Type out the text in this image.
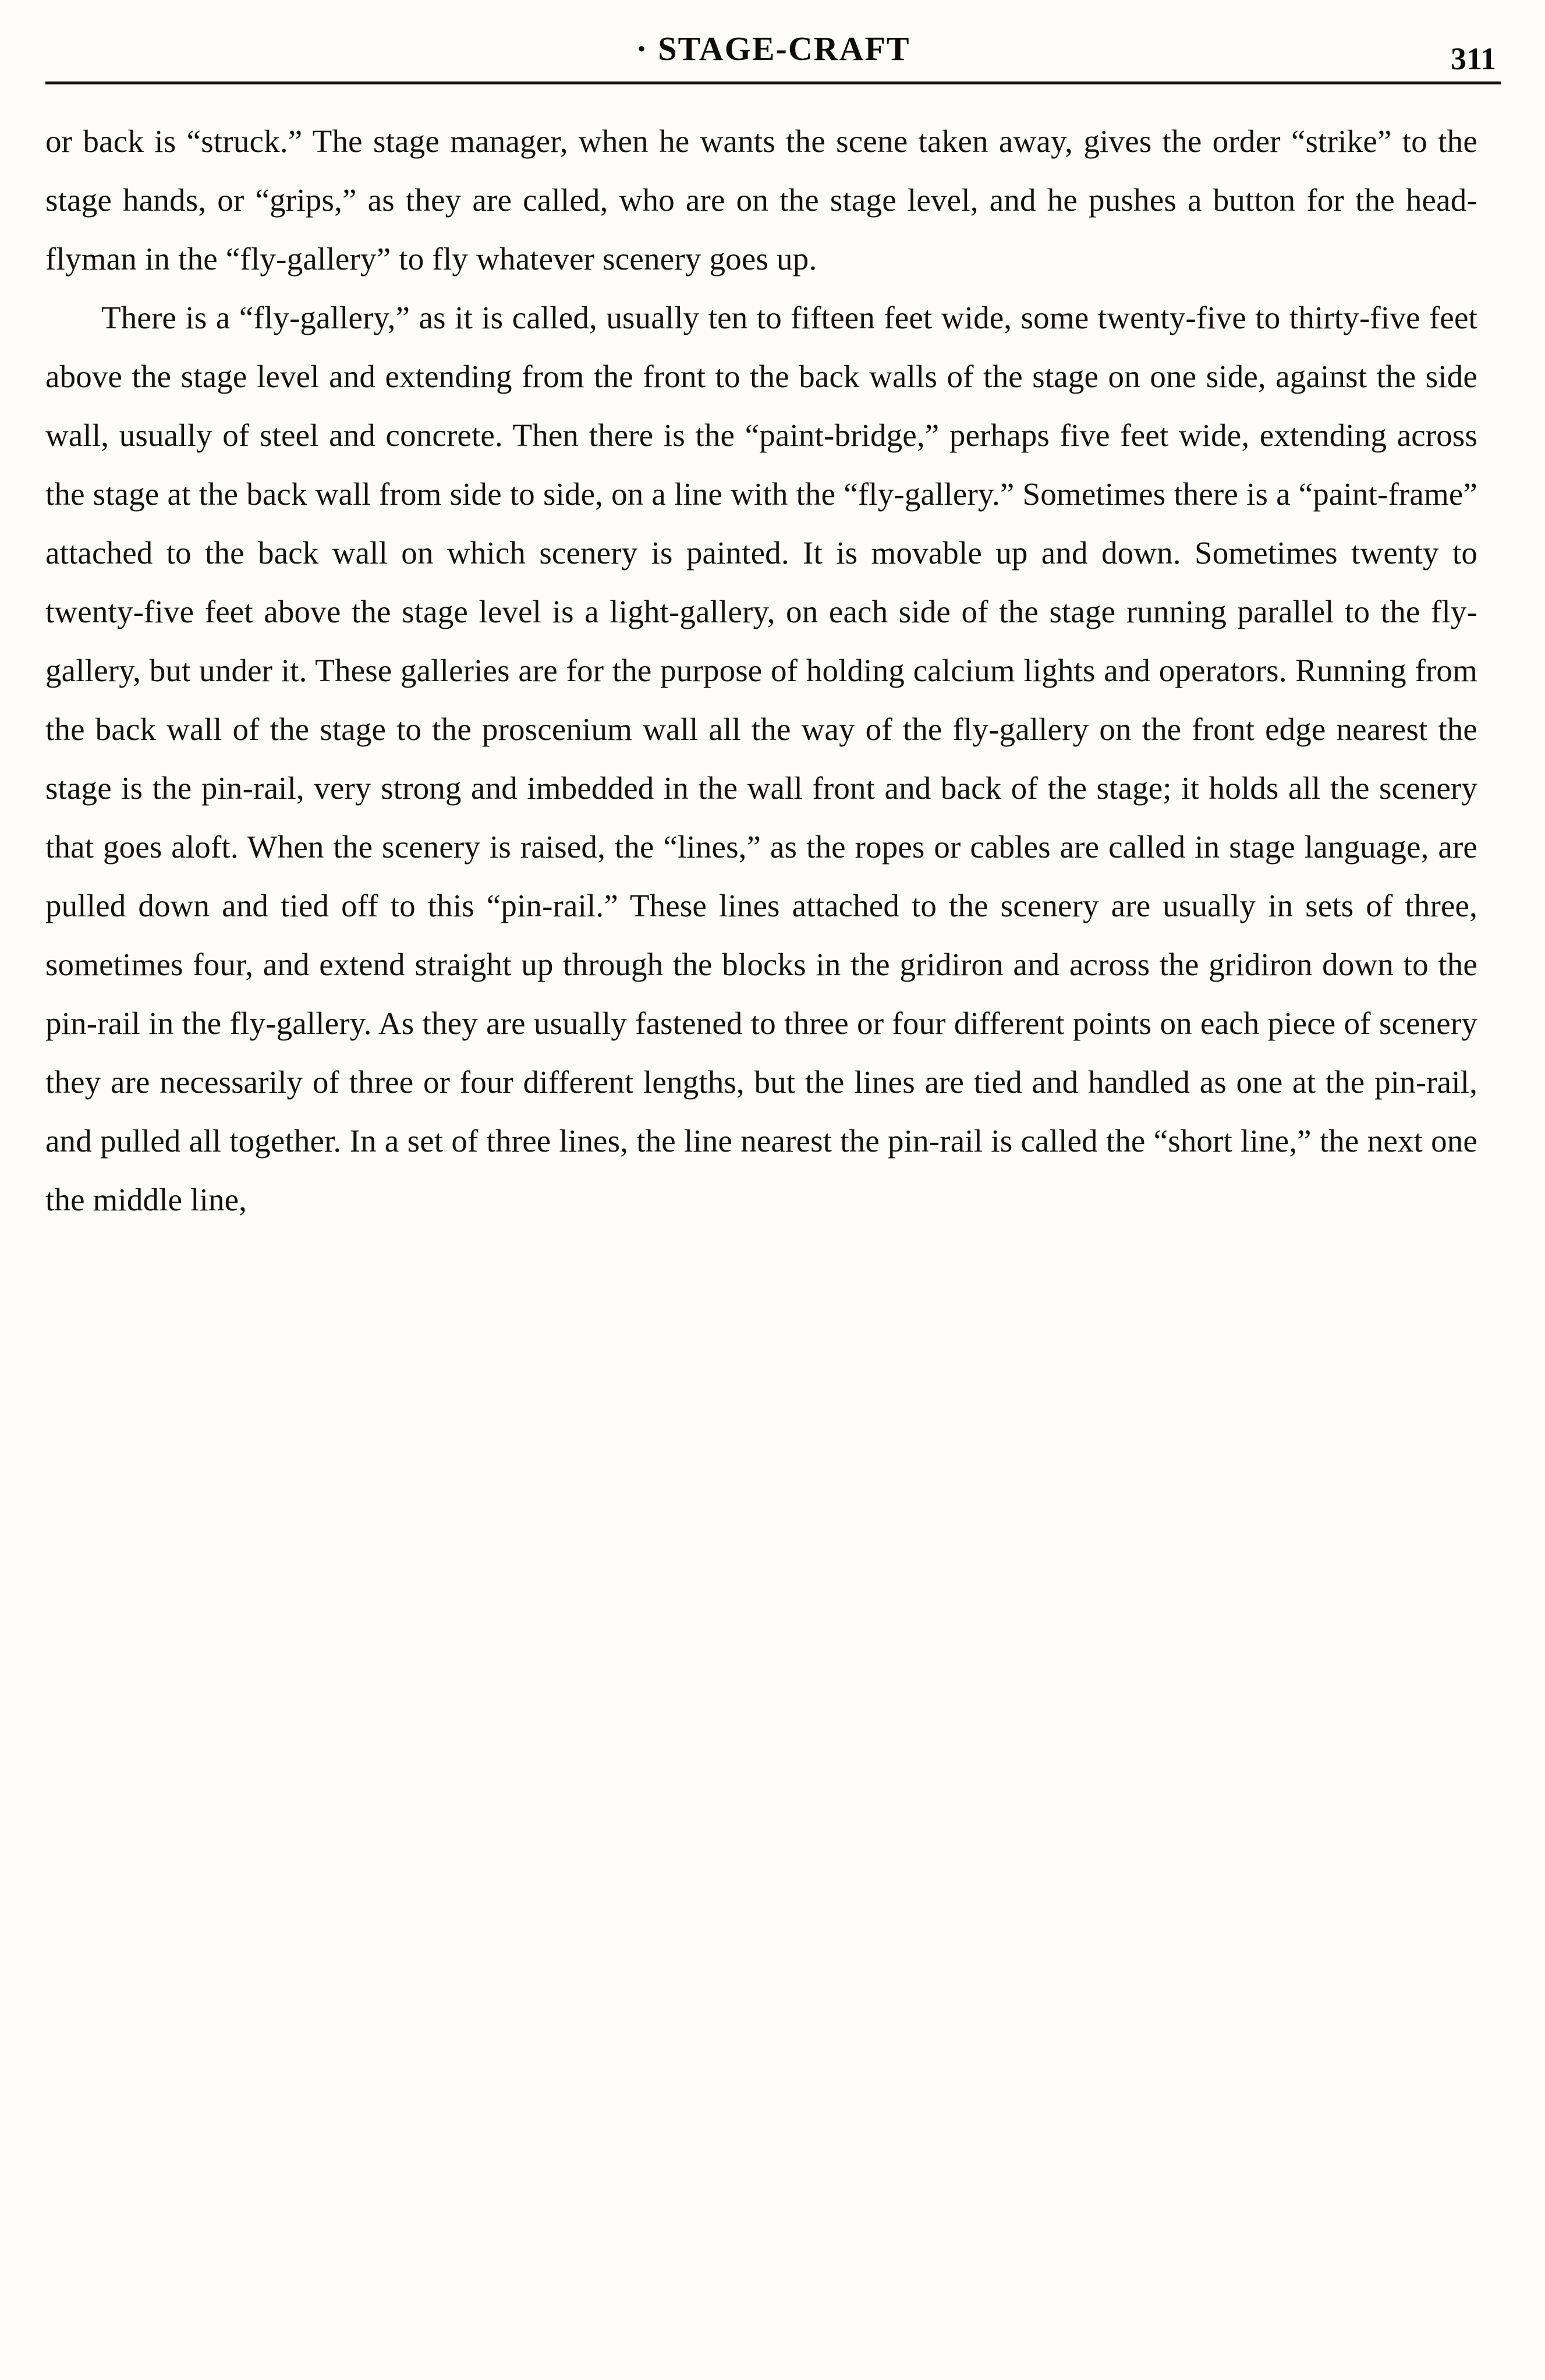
· STAGE-CRAFT	311

or back is “struck.” The stage manager, when he wants the scene taken away, gives the order “strike” to the stage hands, or “grips,” as they are called, who are on the stage level, and he pushes a button for the head-flyman in the “fly-gallery” to fly whatever scenery goes up.

There is a “fly-gallery,” as it is called, usually ten to fifteen feet wide, some twenty-five to thirty-five feet above the stage level and extending from the front to the back walls of the stage on one side, against the side wall, usually of steel and concrete. Then there is the “paint-bridge,” perhaps five feet wide, extending across the stage at the back wall from side to side, on a line with the “fly-gallery.” Sometimes there is a “paint-frame” attached to the back wall on which scenery is painted. It is movable up and down. Sometimes twenty to twenty-five feet above the stage level is a light-gallery, on each side of the stage running parallel to the fly-gallery, but under it. These galleries are for the purpose of holding calcium lights and operators. Running from the back wall of the stage to the proscenium wall all the way of the fly-gallery on the front edge nearest the stage is the pin-rail, very strong and imbedded in the wall front and back of the stage; it holds all the scenery that goes aloft. When the scenery is raised, the “lines,” as the ropes or cables are called in stage language, are pulled down and tied off to this “pin-rail.” These lines attached to the scenery are usually in sets of three, sometimes four, and extend straight up through the blocks in the gridiron and across the gridiron down to the pin-rail in the fly-gallery. As they are usually fastened to three or four different points on each piece of scenery they are necessarily of three or four different lengths, but the lines are tied and handled as one at the pin-rail, and pulled all together. In a set of three lines, the line nearest the pin-rail is called the “short line,” the next one the middle line,
